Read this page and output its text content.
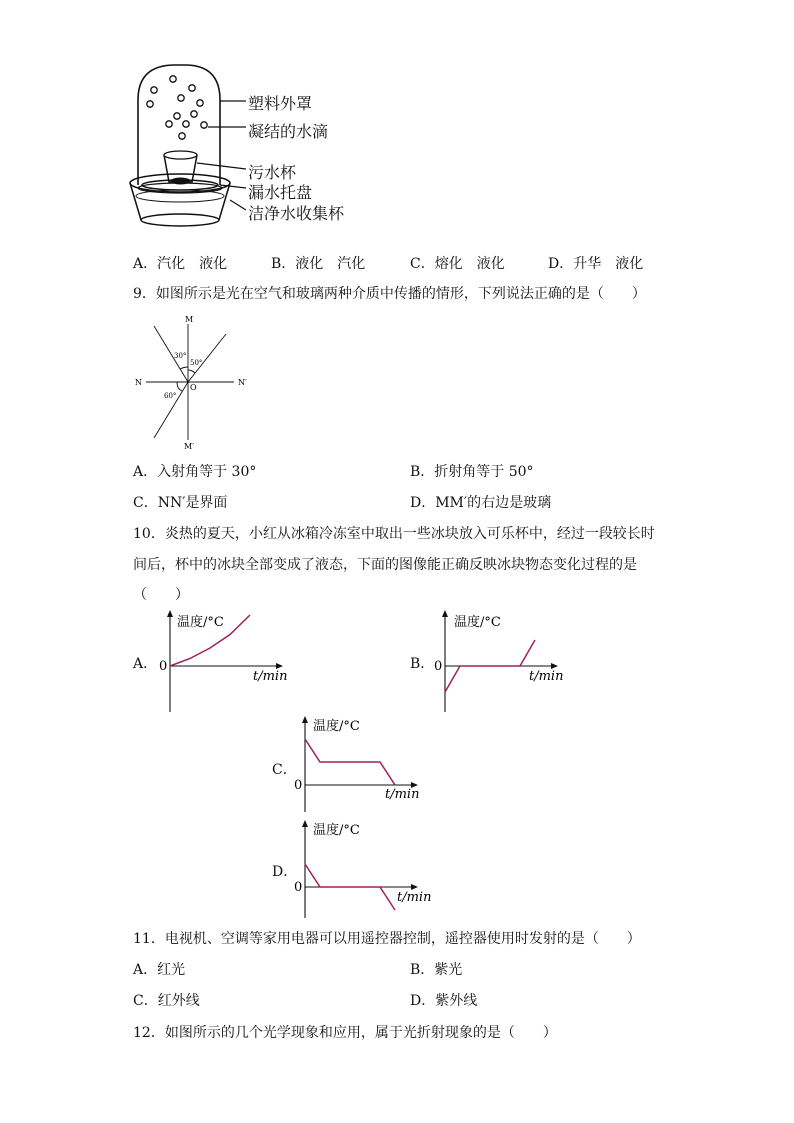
塑料外罩
凝结的水滴
污水杯
漏水托盘
洁净水收集杯
A．汽化　液化	B．液化　汽化	C．熔化　液化	D．升华　液化
9．如图所示是光在空气和玻璃两种介质中传播的情形，下列说法正确的是（　　）
M
M′
N	N′
O
30°
50°
60°
A．入射角等于 30°	B．折射角等于 50°
C．NN′是界面	D．MM′的右边是玻璃
10．炎热的夏天，小红从冰箱冷冻室中取出一些冰块放入可乐杯中，经过一段较长时
间后，杯中的冰块全部变成了液态，下面的图像能正确反映冰块物态变化过程的是
（　　）
A．
温度/°C
t/min
0	B．
温度/°C
t/min
0
C．
温度/°C
t/min
0
D．
温度/°C
t/min
0
11．电视机、空调等家用电器可以用遥控器控制，遥控器使用时发射的是（　　）
A．红光	B．紫光
C．红外线	D．紫外线
12．如图所示的几个光学现象和应用，属于光折射现象的是（　　）
